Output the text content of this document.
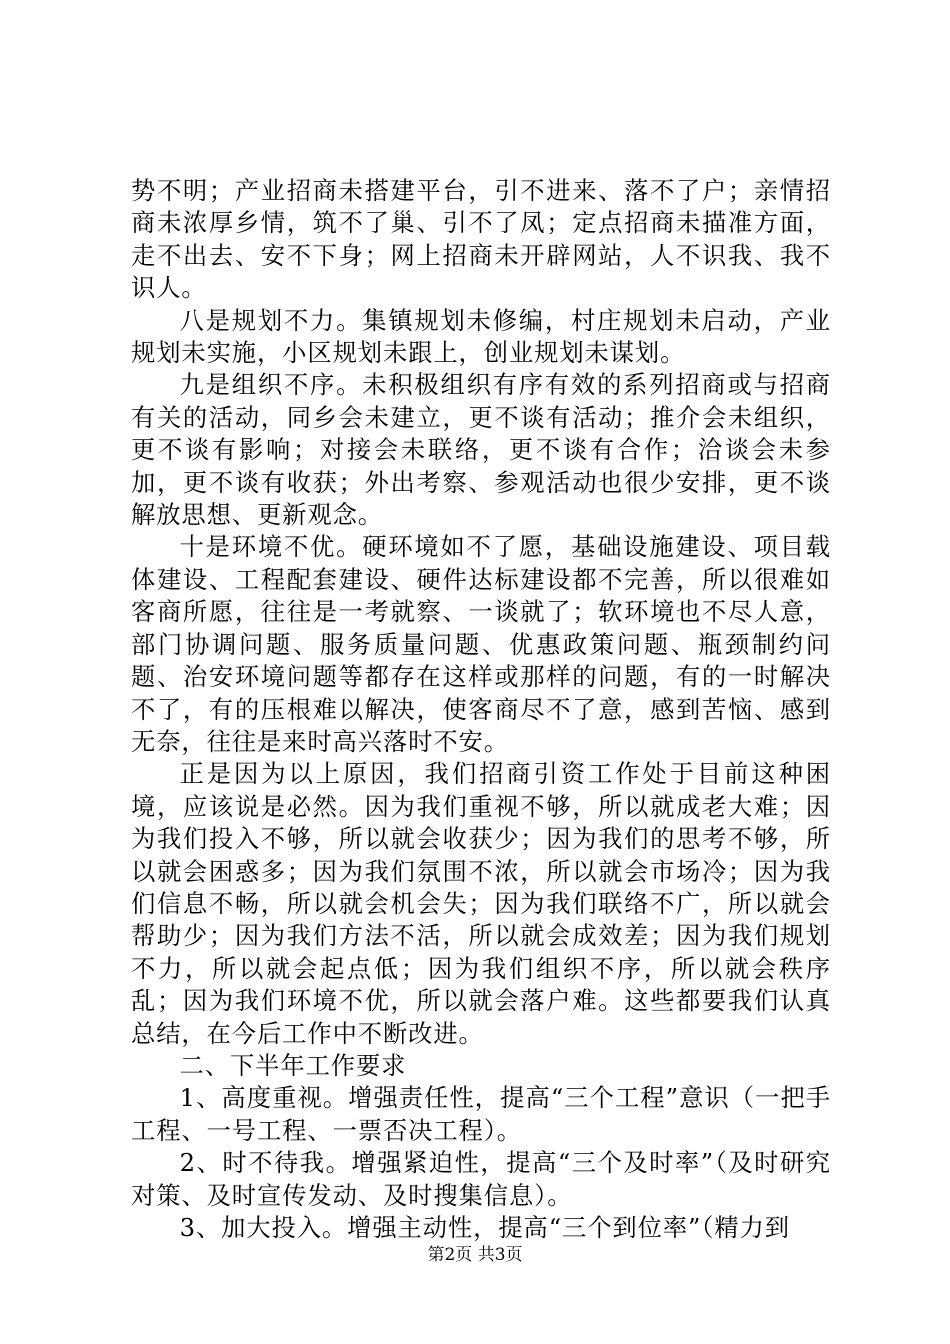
势不明；产业招商未搭建平台，引不进来、落不了户；亲情招商未浓厚乡情，筑不了巢、引不了凤；定点招商未描准方面，走不出去、安不下身；网上招商未开辟网站，人不识我、我不识人。

八是规划不力。集镇规划未修编，村庄规划未启动，产业规划未实施，小区规划未跟上，创业规划未谋划。

九是组织不序。未积极组织有序有效的系列招商或与招商有关的活动，同乡会未建立，更不谈有活动；推介会未组织，更不谈有影响；对接会未联络，更不谈有合作；洽谈会未参加，更不谈有收获；外出考察、参观活动也很少安排，更不谈解放思想、更新观念。

十是环境不优。硬环境如不了愿，基础设施建设、项目载体建设、工程配套建设、硬件达标建设都不完善，所以很难如客商所愿，往往是一考就察、一谈就了；软环境也不尽人意，部门协调问题、服务质量问题、优惠政策问题、瓶颈制约问题、治安环境问题等都存在这样或那样的问题，有的一时解决不了，有的压根难以解决，使客商尽不了意，感到苦恼、感到无奈，往往是来时高兴落时不安。

正是因为以上原因，我们招商引资工作处于目前这种困境，应该说是必然。因为我们重视不够，所以就成老大难；因为我们投入不够，所以就会收获少；因为我们的思考不够，所以就会困惑多；因为我们氛围不浓，所以就会市场冷；因为我们信息不畅，所以就会机会失；因为我们联络不广，所以就会帮助少；因为我们方法不活，所以就会成效差；因为我们规划不力，所以就会起点低；因为我们组织不序，所以就会秩序乱；因为我们环境不优，所以就会落户难。这些都要我们认真总结，在今后工作中不断改进。

二、下半年工作要求

1、高度重视。增强责任性，提高“三个工程”意识（一把手工程、一号工程、一票否决工程）。

2、时不待我。增强紧迫性，提高“三个及时率”（及时研究对策、及时宣传发动、及时搜集信息）。

3、加大投入。增强主动性，提高“三个到位率”（精力到

第2页 共3页
